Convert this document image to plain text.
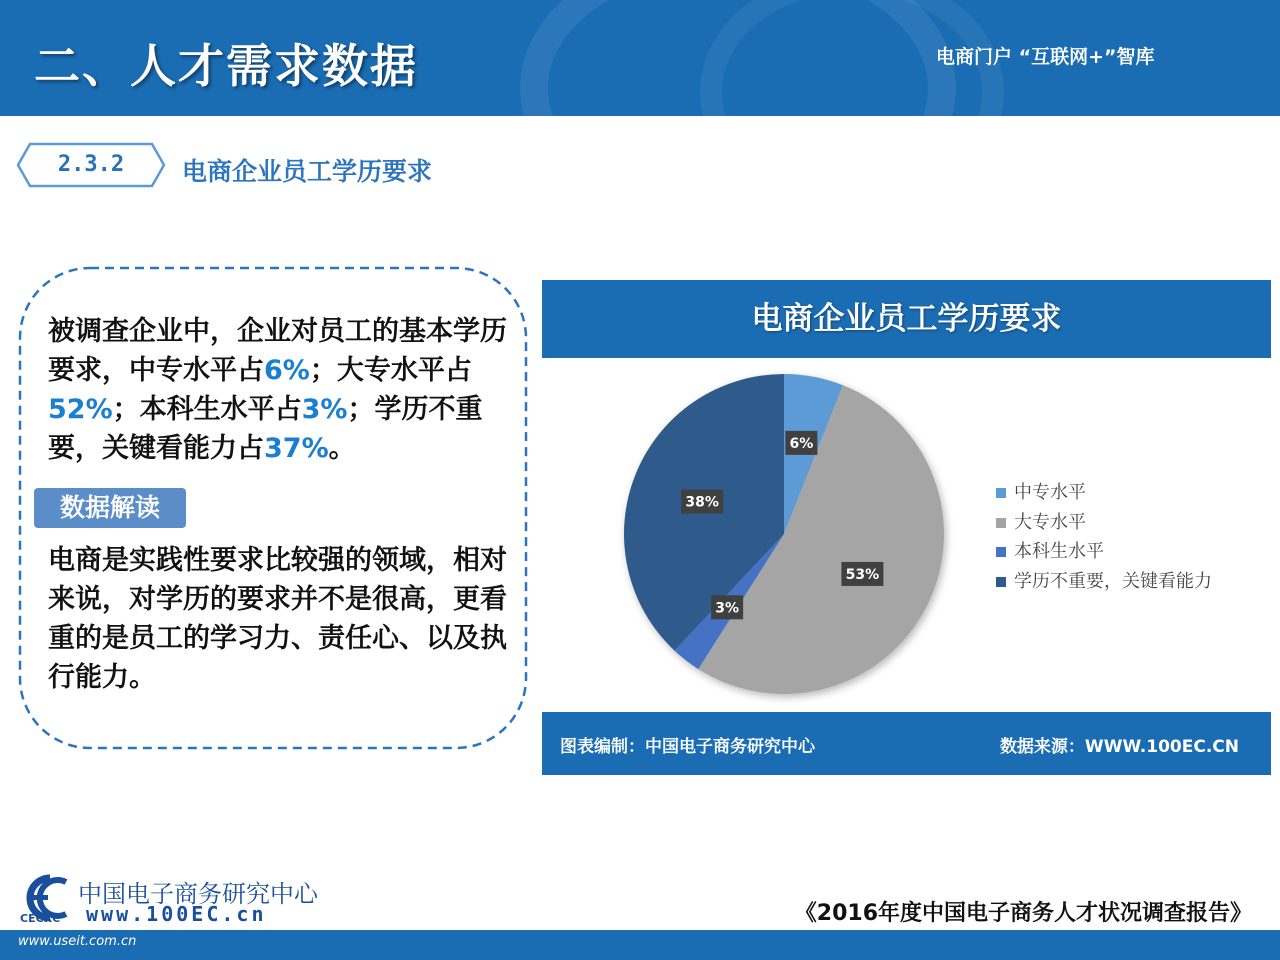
二、人才需求数据	电商门户 “互联网+”智库
2.3.2	电商企业员工学历要求
被调查企业中，企业对员工的基本学历要求，中专水平占6%；大专水平占52%；本科生水平占3%；学历不重要，关键看能力占37%。
数据解读
电商是实践性要求比较强的领域，相对来说，对学历的要求并不是很高，更看重的是员工的学习力、责任心、以及执行能力。
电商企业员工学历要求
6%
53%
3%
38%	中专水平
大专水平
本科生水平
学历不重要，关键看能力
图表编制：中国电子商务研究中心	数据来源：WWW.100EC.CN
中国电子商务研究中心
CECRC www.100EC.cn	《2016年度中国电子商务人才状况调查报告》
www.useit.com.cn
